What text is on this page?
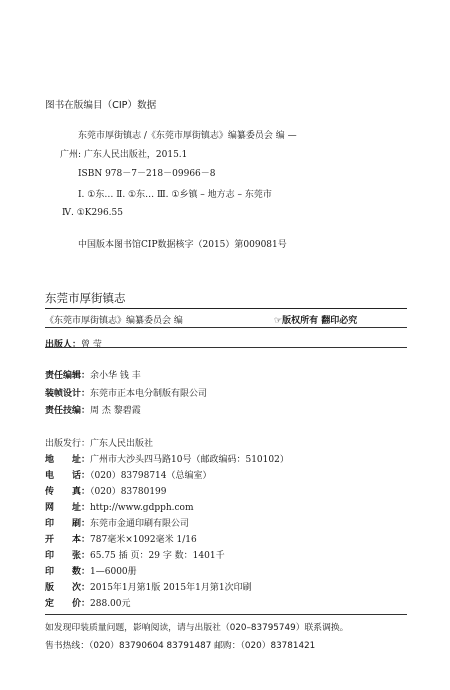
图书在版编目（CIP）数据
东莞市厚街镇志 /《东莞市厚街镇志》编纂委员会 编 —
广州: 广东人民出版社，2015.1
ISBN 978－7－218－09966－8
Ⅰ. ①东… Ⅱ. ①东… Ⅲ. ①乡镇 – 地方志 – 东莞市
Ⅳ. ①K296.55
中国版本图书馆CIP数据核字（2015）第009081号
东莞市厚街镇志
《东莞市厚街镇志》编纂委员会 编	☞版权所有 翻印必究
出版人：曾 莹
责任编辑：余小华 钱 丰
装帧设计：东莞市正本电分制版有限公司
责任技编：周 杰 黎碧霞
出版发行：广东人民出版社
地　　址：广州市大沙头四马路10号（邮政编码：510102）
电　　话：（020）83798714（总编室）
传　　真：（020）83780199
网　　址：http://www.gdpph.com
印　　刷：东莞市金通印刷有限公司
开　　本：787毫米×1092毫米 1/16
印　　张：65.75 插 页：29 字 数：1401千
印　　数：1—6000册
版　　次：2015年1月第1版 2015年1月第1次印刷
定　　价：288.00元
如发现印装质量问题，影响阅读，请与出版社（020–83795749）联系调换。
售书热线：（020）83790604 83791487 邮购：（020）83781421
